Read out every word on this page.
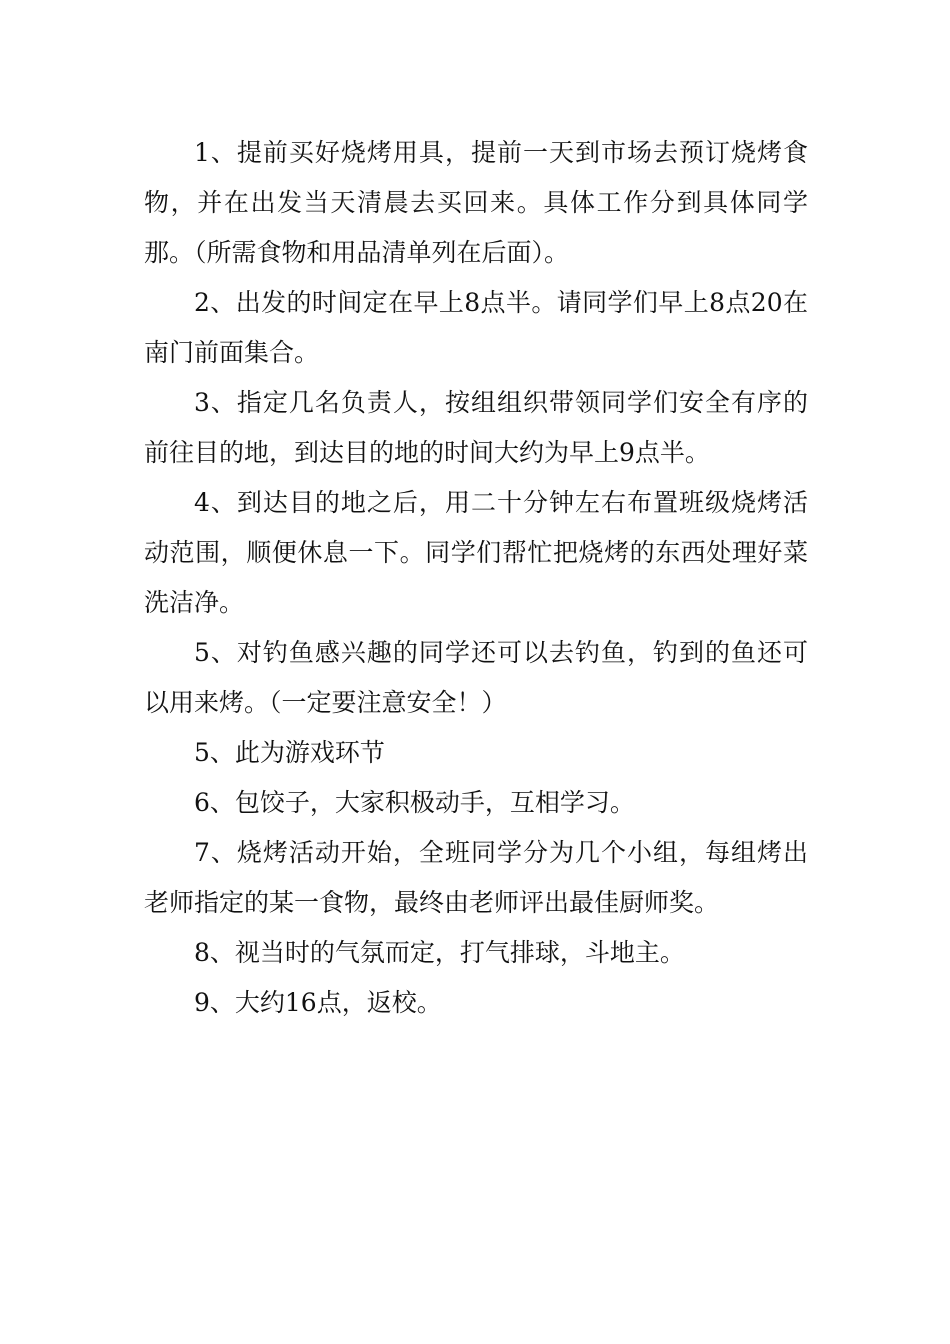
1、提前买好烧烤用具，提前一天到市场去预订烧烤食物，并在出发当天清晨去买回来。具体工作分到具体同学那。（所需食物和用品清单列在后面）。

2、出发的时间定在早上8点半。请同学们早上8点20在南门前面集合。

3、指定几名负责人，按组组织带领同学们安全有序的前往目的地，到达目的地的时间大约为早上9点半。

4、到达目的地之后，用二十分钟左右布置班级烧烤活动范围，顺便休息一下。同学们帮忙把烧烤的东西处理好菜洗洁净。

5、对钓鱼感兴趣的同学还可以去钓鱼，钓到的鱼还可以用来烤。（一定要注意安全！）

5、此为游戏环节

6、包饺子，大家积极动手，互相学习。

7、烧烤活动开始，全班同学分为几个小组，每组烤出老师指定的某一食物，最终由老师评出最佳厨师奖。

8、视当时的气氛而定，打气排球，斗地主。

9、大约16点，返校。
